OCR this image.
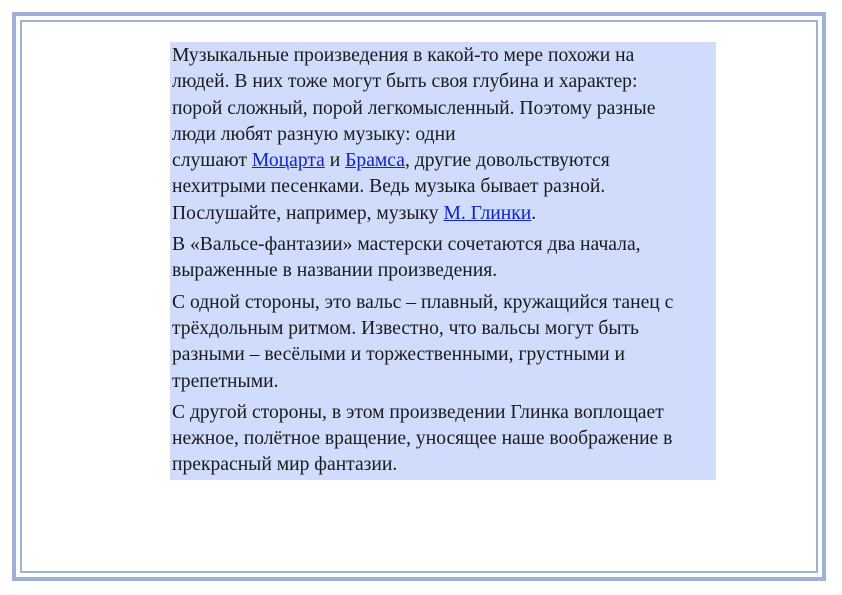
Музыкальные произведения в какой-то мере похожи на
людей. В них тоже могут быть своя глубина и характер:
порой сложный, порой легкомысленный. Поэтому разные
люди любят разную музыку: одни
слушают Моцарта и Брамса, другие довольствуются
нехитрыми песенками. Ведь музыка бывает разной.
Послушайте, например, музыку М. Глинки.

В «Вальсе-фантазии» мастерски сочетаются два начала, выраженные в названии произведения.

С одной стороны, это вальс – плавный, кружащийся танец с трёхдольным ритмом. Известно, что вальсы могут быть разными – весёлыми и торжественными, грустными и трепетными.

С другой стороны, в этом произведении Глинка воплощает нежное, полётное вращение, уносящее наше воображение в прекрасный мир фантазии.
